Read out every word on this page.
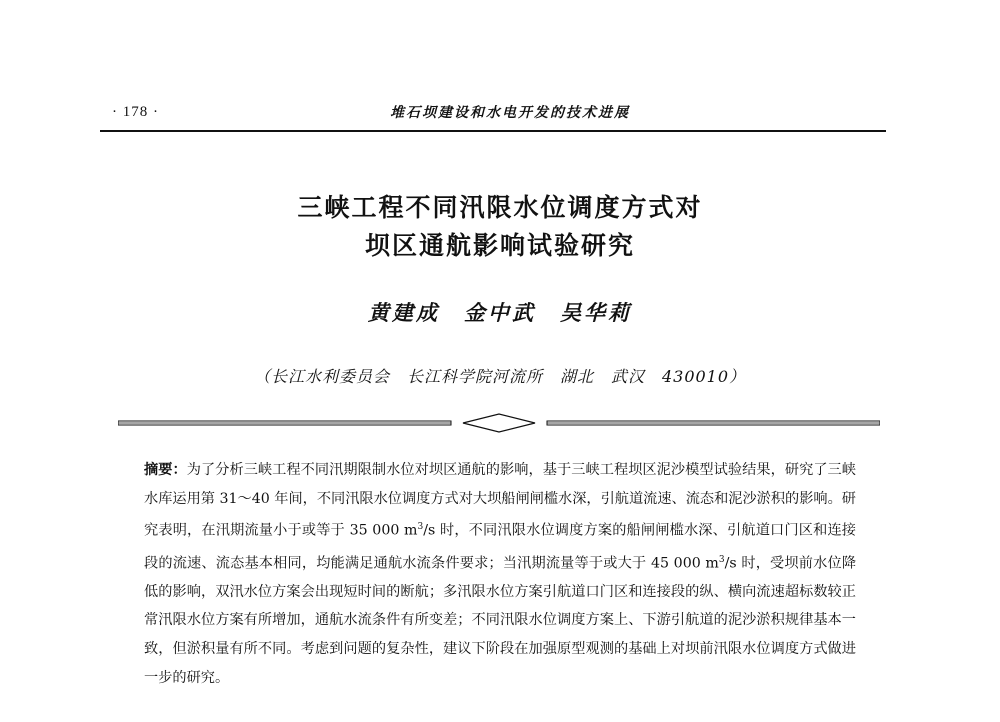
· 178 ·	堆石坝建设和水电开发的技术进展
三峡工程不同汛限水位调度方式对
坝区通航影响试验研究
黄建成　金中武　吴华莉
（长江水利委员会　长江科学院河流所　湖北　武汉　430010）

摘要：为了分析三峡工程不同汛期限制水位对坝区通航的影响，基于三峡工程坝区泥沙模型试验结果，研究了三峡水库运用第 31～40 年间，不同汛限水位调度方式对大坝船闸闸槛水深，引航道流速、流态和泥沙淤积的影响。研究表明，在汛期流量小于或等于 35 000 $m^3/s$ 时，不同汛限水位调度方案的船闸闸槛水深、引航道口门区和连接段的流速、流态基本相同，均能满足通航水流条件要求；当汛期流量等于或大于 45 000 $m^3/s$ 时，受坝前水位降低的影响，双汛水位方案会出现短时间的断航；多汛限水位方案引航道口门区和连接段的纵、横向流速超标数较正常汛限水位方案有所增加，通航水流条件有所变差；不同汛限水位调度方案上、下游引航道的泥沙淤积规律基本一致，但淤积量有所不同。考虑到问题的复杂性，建议下阶段在加强原型观测的基础上对坝前汛限水位调度方式做进一步的研究。
